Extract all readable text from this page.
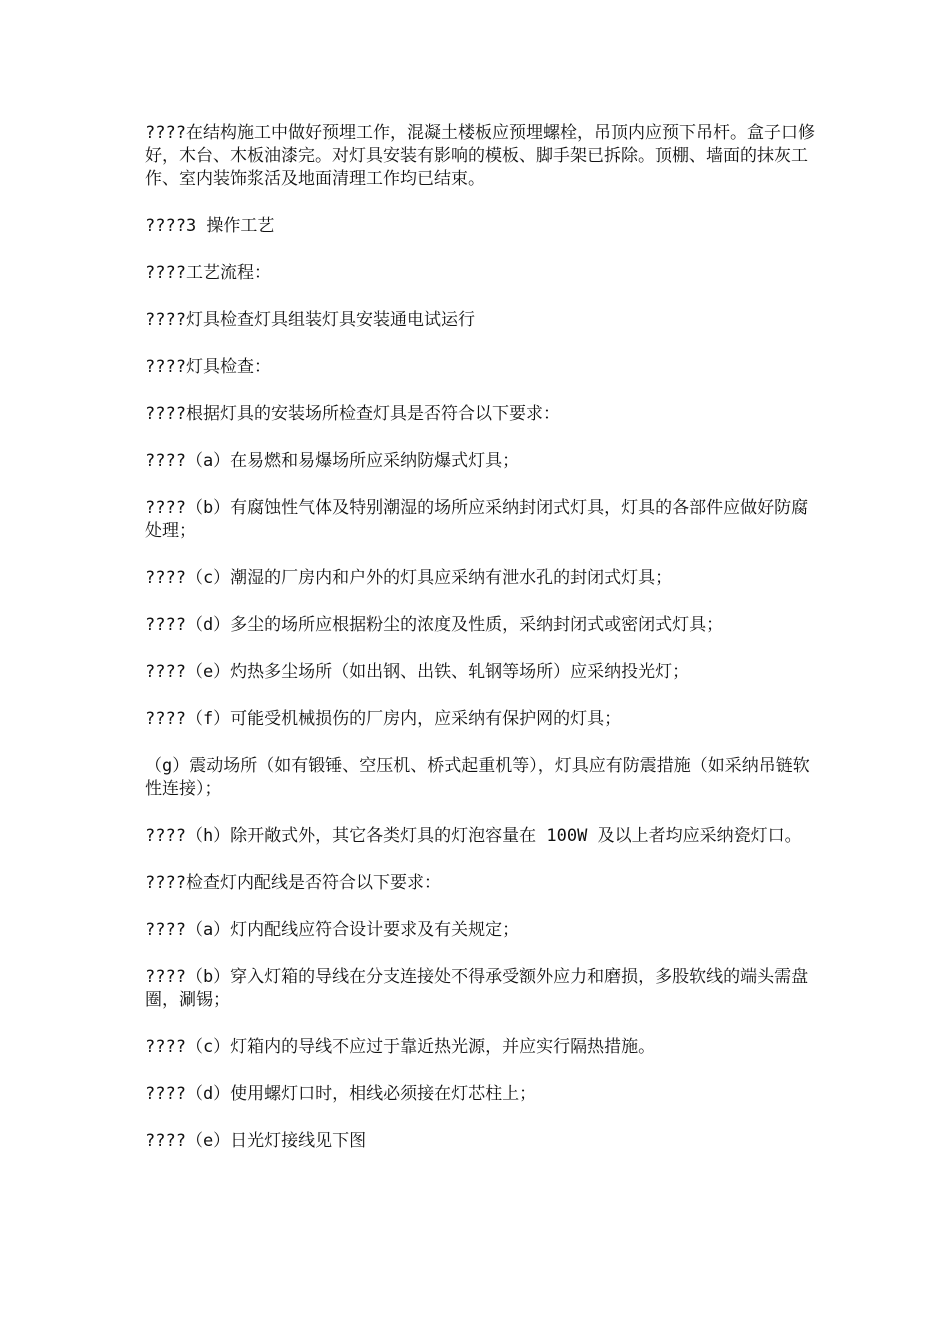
????在结构施工中做好预埋工作，混凝土楼板应预埋螺栓，吊顶内应预下吊杆。盒子口修好，木台、木板油漆完。对灯具安装有影响的模板、脚手架已拆除。顶棚、墙面的抹灰工作、室内装饰浆活及地面清理工作均已结束。

????3 操作工艺

????工艺流程：

????灯具检查灯具组装灯具安装通电试运行

????灯具检查：

????根据灯具的安装场所检查灯具是否符合以下要求：

????（a）在易燃和易爆场所应采纳防爆式灯具；

????（b）有腐蚀性气体及特别潮湿的场所应采纳封闭式灯具，灯具的各部件应做好防腐处理；

????（c）潮湿的厂房内和户外的灯具应采纳有泄水孔的封闭式灯具；

????（d）多尘的场所应根据粉尘的浓度及性质，采纳封闭式或密闭式灯具；

????（e）灼热多尘场所（如出钢、出铁、轧钢等场所）应采纳投光灯；

????（f）可能受机械损伤的厂房内，应采纳有保护网的灯具；

（g）震动场所（如有锻锤、空压机、桥式起重机等），灯具应有防震措施（如采纳吊链软性连接）；

????（h）除开敞式外，其它各类灯具的灯泡容量在 100W 及以上者均应采纳瓷灯口。

????检查灯内配线是否符合以下要求：

????（a）灯内配线应符合设计要求及有关规定；

????（b）穿入灯箱的导线在分支连接处不得承受额外应力和磨损，多股软线的端头需盘圈，涮锡；

????（c）灯箱内的导线不应过于靠近热光源，并应实行隔热措施。

????（d）使用螺灯口时，相线必须接在灯芯柱上；

????（e）日光灯接线见下图
